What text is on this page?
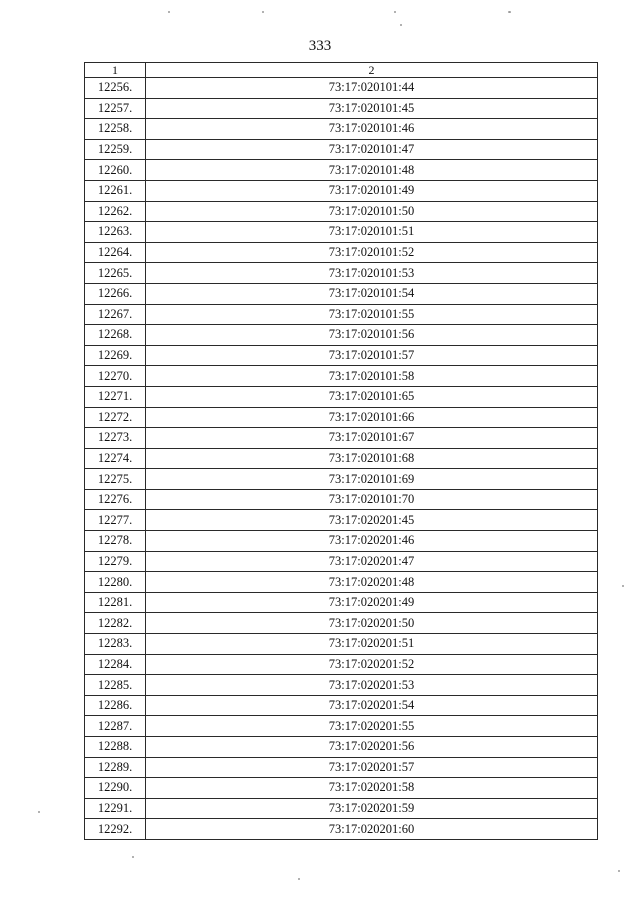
333
1	2
12256.	73:17:020101:44
12257.	73:17:020101:45
12258.	73:17:020101:46
12259.	73:17:020101:47
12260.	73:17:020101:48
12261.	73:17:020101:49
12262.	73:17:020101:50
12263.	73:17:020101:51
12264.	73:17:020101:52
12265.	73:17:020101:53
12266.	73:17:020101:54
12267.	73:17:020101:55
12268.	73:17:020101:56
12269.	73:17:020101:57
12270.	73:17:020101:58
12271.	73:17:020101:65
12272.	73:17:020101:66
12273.	73:17:020101:67
12274.	73:17:020101:68
12275.	73:17:020101:69
12276.	73:17:020101:70
12277.	73:17:020201:45
12278.	73:17:020201:46
12279.	73:17:020201:47
12280.	73:17:020201:48
12281.	73:17:020201:49
12282.	73:17:020201:50
12283.	73:17:020201:51
12284.	73:17:020201:52
12285.	73:17:020201:53
12286.	73:17:020201:54
12287.	73:17:020201:55
12288.	73:17:020201:56
12289.	73:17:020201:57
12290.	73:17:020201:58
12291.	73:17:020201:59
12292.	73:17:020201:60
